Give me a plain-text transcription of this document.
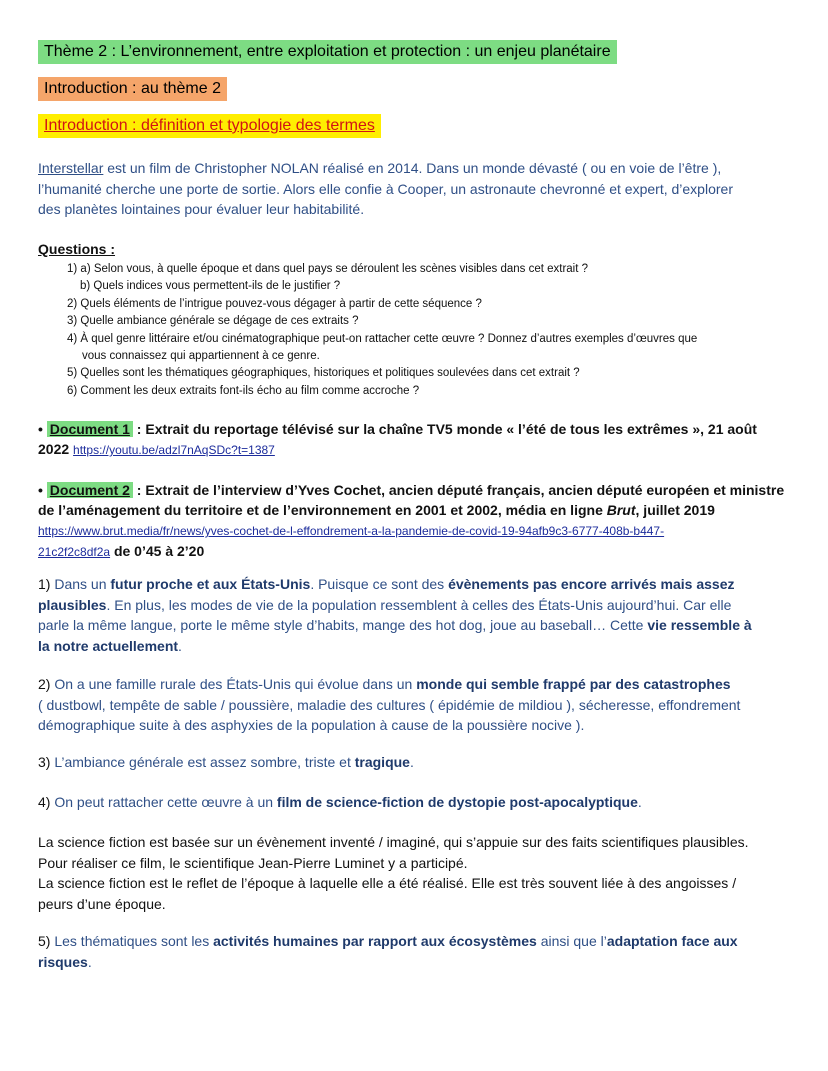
Thème 2 : L’environnement, entre exploitation et protection : un enjeu planétaire
Introduction : au thème 2
Introduction : définition et typologie des termes
Interstellar est un film de Christopher NOLAN réalisé en 2014. Dans un monde dévasté ( ou en voie de l’être ),
l’humanité cherche une porte de sortie. Alors elle confie à Cooper, un astronaute chevronné et expert, d’explorer
des planètes lointaines pour évaluer leur habitabilité.
Questions :
1) a) Selon vous, à quelle époque et dans quel pays se déroulent les scènes visibles dans cet extrait ?
b) Quels indices vous permettent-ils de le justifier ?
2) Quels éléments de l’intrigue pouvez-vous dégager à partir de cette séquence ?
3) Quelle ambiance générale se dégage de ces extraits ?
4) À quel genre littéraire et/ou cinématographique peut-on rattacher cette œuvre ? Donnez d’autres exemples d’œuvres que
vous connaissez qui appartiennent à ce genre.
5) Quelles sont les thématiques géographiques, historiques et politiques soulevées dans cet extrait ?
6) Comment les deux extraits font-ils écho au film comme accroche ?
• Document 1 : Extrait du reportage télévisé sur la chaîne TV5 monde « l’été de tous les extrêmes », 21 août
2022 https://youtu.be/adzl7nAqSDc?t=1387
• Document 2 : Extrait de l’interview d’Yves Cochet, ancien député français, ancien député européen et ministre
de l’aménagement du territoire et de l’environnement en 2001 et 2002, média en ligne Brut, juillet 2019
https://www.brut.media/fr/news/yves-cochet-de-l-effondrement-a-la-pandemie-de-covid-19-94afb9c3-6777-408b-b447-
21c2f2c8df2a de 0’45 à 2’20
1) Dans un futur proche et aux États-Unis. Puisque ce sont des évènements pas encore arrivés mais assez
plausibles. En plus, les modes de vie de la population ressemblent à celles des États-Unis aujourd’hui. Car elle
parle la même langue, porte le même style d’habits, mange des hot dog, joue au baseball… Cette vie ressemble à
la notre actuellement.
2) On a une famille rurale des États-Unis qui évolue dans un monde qui semble frappé par des catastrophes
( dustbowl, tempête de sable / poussière, maladie des cultures ( épidémie de mildiou ), sécheresse, effondrement
démographique suite à des asphyxies de la population à cause de la poussière nocive ).
3) L’ambiance générale est assez sombre, triste et tragique.
4) On peut rattacher cette œuvre à un film de science-fiction de dystopie post-apocalyptique.
La science fiction est basée sur un évènement inventé / imaginé, qui s’appuie sur des faits scientifiques plausibles.
Pour réaliser ce film, le scientifique Jean-Pierre Luminet y a participé.
La science fiction est le reflet de l’époque à laquelle elle a été réalisé. Elle est très souvent liée à des angoisses /
peurs d’une époque.
5) Les thématiques sont les activités humaines par rapport aux écosystèmes ainsi que l’adaptation face aux
risques.
